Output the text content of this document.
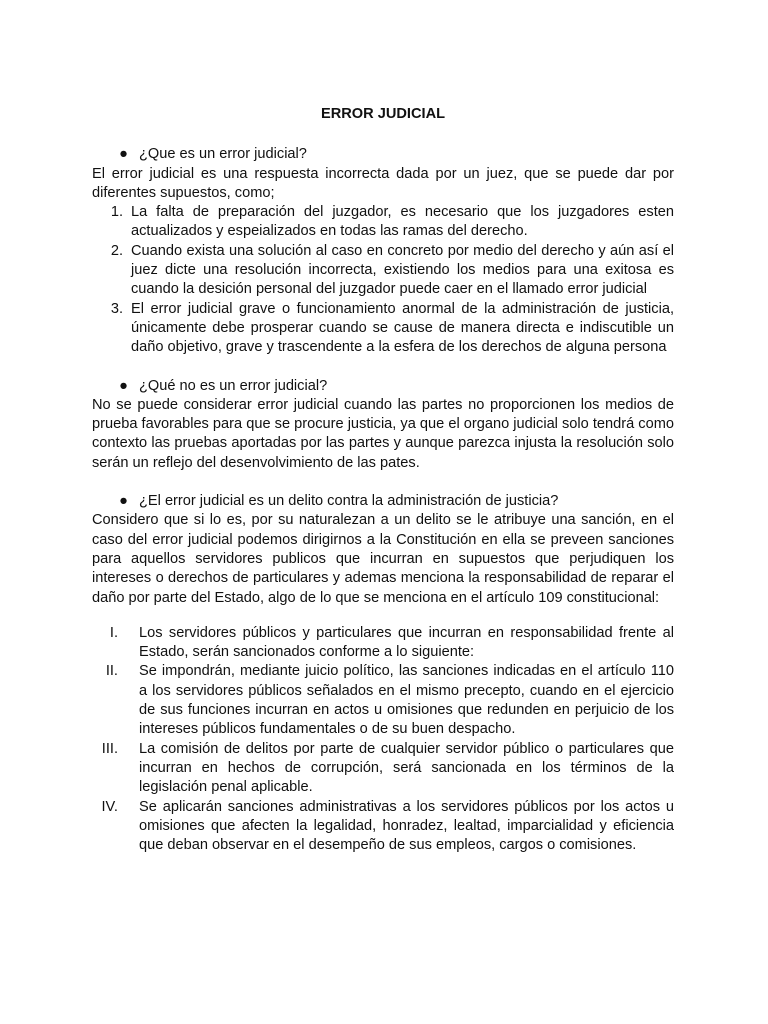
ERROR JUDICIAL
● ¿Que es un error judicial?

El error judicial es una respuesta incorrecta dada por un juez, que se puede dar por diferentes supuestos, como;

1. La falta de preparación del juzgador, es necesario que los juzgadores esten actualizados y espeializados en todas las ramas del derecho.
2. Cuando exista una solución al caso en concreto por medio del derecho y aún así el juez dicte una resolución incorrecta, existiendo los medios para una exitosa es cuando la desición personal del juzgador puede caer en el llamado error judicial
3. El error judicial grave o funcionamiento anormal de la administración de justicia, únicamente debe prosperar cuando se cause de manera directa e indiscutible un daño objetivo, grave y trascendente a la esfera de los derechos de alguna persona
● ¿Qué no es un error judicial?

No se puede considerar error judicial cuando las partes no proporcionen los medios de prueba favorables para que se procure justicia, ya que el organo judicial solo tendrá como contexto las pruebas aportadas por las partes y aunque parezca injusta la resolución solo serán un reflejo del desenvolvimiento de las pates.

● ¿El error judicial es un delito contra la administración de justicia?

Considero que si lo es, por su naturalezan a un delito se le atribuye una sanción, en el caso del error judicial podemos dirigirnos a la Constitución en ella se preveen sanciones para aquellos servidores publicos que incurran en supuestos que perjudiquen los intereses o derechos de particulares y ademas menciona la responsabilidad de reparar el daño por parte del Estado, algo de lo que se menciona en el artículo 109 constitucional:

I. Los servidores públicos y particulares que incurran en responsabilidad frente al Estado, serán sancionados conforme a lo siguiente:
II. Se impondrán, mediante juicio político, las sanciones indicadas en el artículo 110 a los servidores públicos señalados en el mismo precepto, cuando en el ejercicio de sus funciones incurran en actos u omisiones que redunden en perjuicio de los intereses públicos fundamentales o de su buen despacho.
III. La comisión de delitos por parte de cualquier servidor público o particulares que incurran en hechos de corrupción, será sancionada en los términos de la legislación penal aplicable.
IV. Se aplicarán sanciones administrativas a los servidores públicos por los actos u omisiones que afecten la legalidad, honradez, lealtad, imparcialidad y eficiencia que deban observar en el desempeño de sus empleos, cargos o comisiones.
